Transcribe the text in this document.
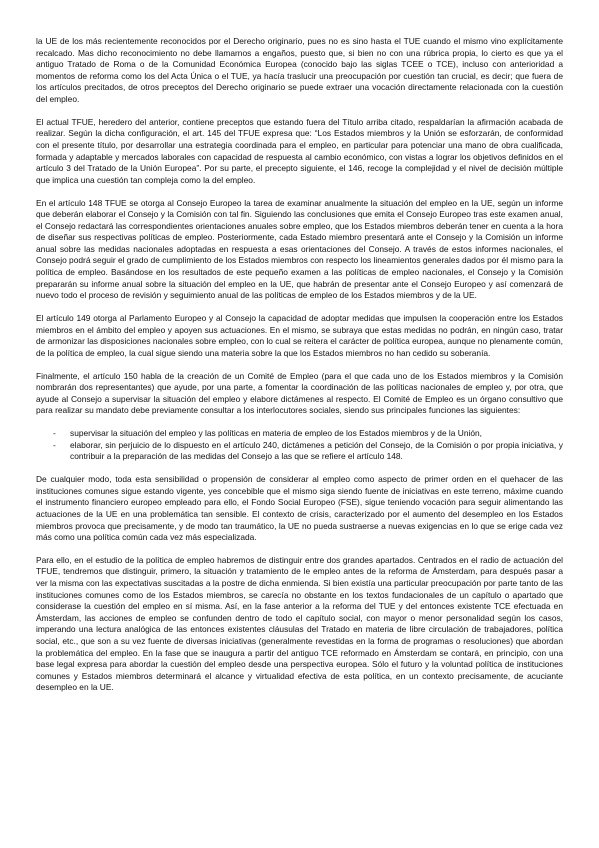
la UE de los más recientemente reconocidos por el Derecho originario, pues no es sino hasta el TUE cuando el mismo vino explícitamente recalcado. Mas dicho reconocimiento no debe llamarnos a engaños, puesto que, si bien no con una rúbrica propia, lo cierto es que ya el antiguo Tratado de Roma o de la Comunidad Económica Europea (conocido bajo las siglas TCEE o TCE), incluso con anterioridad a momentos de reforma como los del Acta Única o el TUE, ya hacía traslucir una preocupación por cuestión tan crucial, es decir; que fuera de los artículos precitados, de otros preceptos del Derecho originario se puede extraer una vocación directamente relacionada con la cuestión del empleo.

El actual TFUE, heredero del anterior, contiene preceptos que estando fuera del Título arriba citado, respaldarían la afirmación acabada de realizar. Según la dicha configuración, el art. 145 del TFUE expresa que: “Los Estados miembros y la Unión se esforzarán, de conformidad con el presente título, por desarrollar una estrategia coordinada para el empleo, en particular para potenciar una mano de obra cualificada, formada y adaptable y mercados laborales con capacidad de respuesta al cambio económico, con vistas a lograr los objetivos definidos en el artículo 3 del Tratado de la Unión Europea”. Por su parte, el precepto siguiente, el 146, recoge la complejidad y el nivel de decisión múltiple que implica una cuestión tan compleja como la del empleo.

En el artículo 148 TFUE se otorga al Consejo Europeo la tarea de examinar anualmente la situación del empleo en la UE, según un informe que deberán elaborar el Consejo y la Comisión con tal fin. Siguiendo las conclusiones que emita el Consejo Europeo tras este examen anual, el Consejo redactará las correspondientes orientaciones anuales sobre empleo, que los Estados miembros deberán tener en cuenta a la hora de diseñar sus respectivas políticas de empleo. Posteriormente, cada Estado miembro presentará ante el Consejo y la Comisión un informe anual sobre las medidas nacionales adoptadas en respuesta a esas orientaciones del Consejo. A través de estos informes nacionales, el Consejo podrá seguir el grado de cumplimiento de los Estados miembros con respecto los lineamientos generales dados por él mismo para la política de empleo. Basándose en los resultados de este pequeño examen a las políticas de empleo nacionales, el Consejo y la Comisión prepararán su informe anual sobre la situación del empleo en la UE, que habrán de presentar ante el Consejo Europeo y así comenzará de nuevo todo el proceso de revisión y seguimiento anual de las políticas de empleo de los Estados miembros y de la UE.

El artículo 149 otorga al Parlamento Europeo y al Consejo la capacidad de adoptar medidas que impulsen la cooperación entre los Estados miembros en el ámbito del empleo y apoyen sus actuaciones. En el mismo, se subraya que estas medidas no podrán, en ningún caso, tratar de armonizar las disposiciones nacionales sobre empleo, con lo cual se reitera el carácter de política europea, aunque no plenamente común, de la política de empleo, la cual sigue siendo una materia sobre la que los Estados miembros no han cedido su soberanía.

Finalmente, el artículo 150 habla de la creación de un Comité de Empleo (para el que cada uno de los Estados miembros y la Comisión nombrarán dos representantes) que ayude, por una parte, a fomentar la coordinación de las políticas nacionales de empleo y, por otra, que ayude al Consejo a supervisar la situación del empleo y elabore dictámenes al respecto. El Comité de Empleo es un órgano consultivo que para realizar su mandato debe previamente consultar a los interlocutores sociales, siendo sus principales funciones las siguientes:

- supervisar la situación del empleo y las políticas en materia de empleo de los Estados miembros y de la Unión,
- elaborar, sin perjuicio de lo dispuesto en el artículo 240, dictámenes a petición del Consejo, de la Comisión o por propia iniciativa, y contribuir a la preparación de las medidas del Consejo a las que se refiere el artículo 148.

De cualquier modo, toda esta sensibilidad o propensión de considerar al empleo como aspecto de primer orden en el quehacer de las instituciones comunes sigue estando vigente, yes concebible que el mismo siga siendo fuente de iniciativas en este terreno, máxime cuando el instrumento financiero europeo empleado para ello, el Fondo Social Europeo (FSE), sigue teniendo vocación para seguir alimentando las actuaciones de la UE en una problemática tan sensible. El contexto de crisis, caracterizado por el aumento del desempleo en los Estados miembros provoca que precisamente, y de modo tan traumático, la UE no pueda sustraerse a nuevas exigencias en lo que se erige cada vez más como una política común cada vez más especializada.

Para ello, en el estudio de la política de empleo habremos de distinguir entre dos grandes apartados. Centrados en el radio de actuación del TFUE, tendremos que distinguir, primero, la situación y tratamiento de le empleo antes de la reforma de Ámsterdam, para después pasar a ver la misma con las expectativas suscitadas a la postre de dicha enmienda. Si bien existía una particular preocupación por parte tanto de las instituciones comunes como de los Estados miembros, se carecía no obstante en los textos fundacionales de un capítulo o apartado que considerase la cuestión del empleo en sí misma. Así, en la fase anterior a la reforma del TUE y del entonces existente TCE efectuada en Ámsterdam, las acciones de empleo se confunden dentro de todo el capítulo social, con mayor o menor personalidad según los casos, imperando una lectura analógica de las entonces existentes cláusulas del Tratado en materia de libre circulación de trabajadores, política social, etc., que son a su vez fuente de diversas iniciativas (generalmente revestidas en la forma de programas o resoluciones) que abordan la problemática del empleo. En la fase que se inaugura a partir del antiguo TCE reformado en Ámsterdam se contará, en principio, con una base legal expresa para abordar la cuestión del empleo desde una perspectiva europea. Sólo el futuro y la voluntad política de instituciones comunes y Estados miembros determinará el alcance y virtualidad efectiva de esta política, en un contexto precisamente, de acuciante desempleo en la UE.
